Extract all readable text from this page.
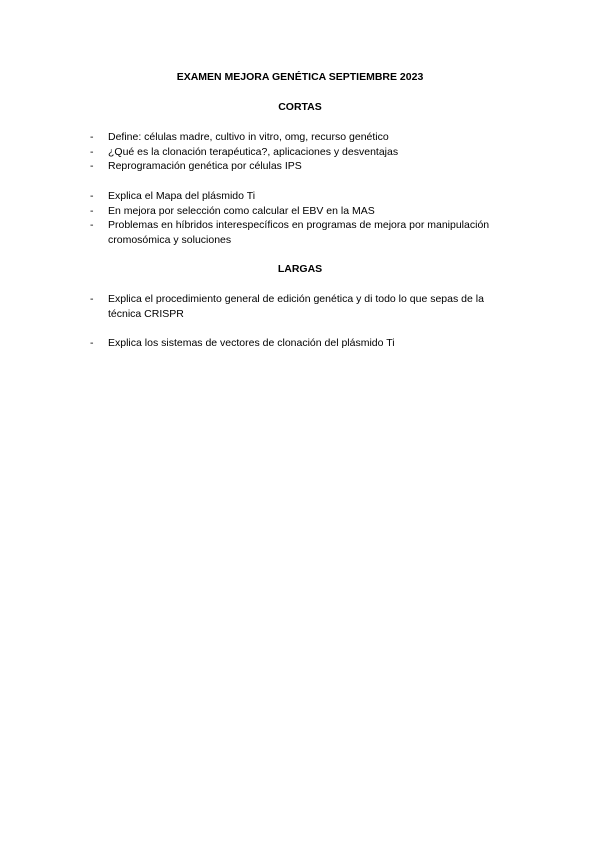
EXAMEN MEJORA GENÉTICA SEPTIEMBRE 2023
CORTAS
- Define: células madre, cultivo in vitro, omg, recurso genético
- ¿Qué es la clonación terapéutica?, aplicaciones y desventajas
- Reprogramación genética por células IPS
- Explica el Mapa del plásmido Ti
- En mejora por selección como calcular el EBV en la MAS
- Problemas en híbridos interespecíficos en programas de mejora por manipulación cromosómica y soluciones
LARGAS
- Explica el procedimiento general de edición genética y di todo lo que sepas de la técnica CRISPR
- Explica los sistemas de vectores de clonación del plásmido Ti
